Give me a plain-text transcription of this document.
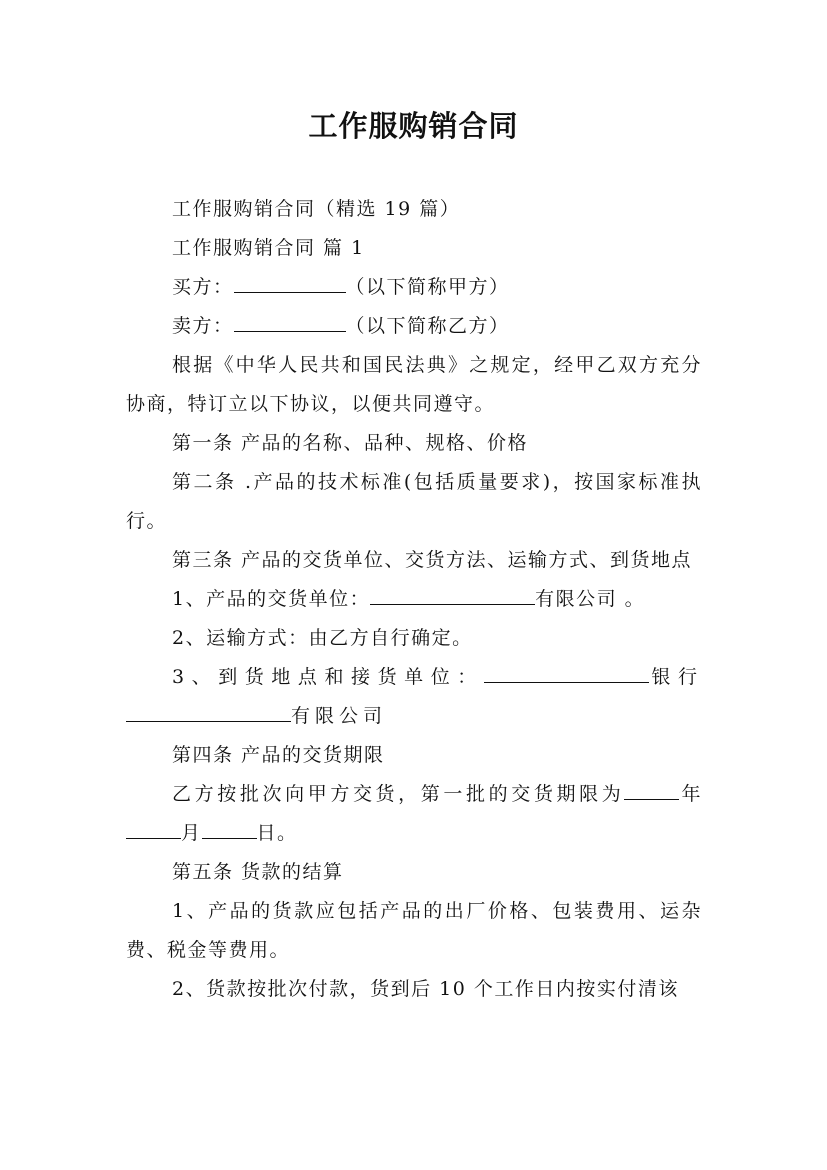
工作服购销合同

工作服购销合同（精选 19 篇）

工作服购销合同 篇 1

买方：	（以下简称甲方）

卖方：	（以下简称乙方）

根据《中华人民共和国民法典》之规定，经甲乙双方充分协商，特订立以下协议，以便共同遵守。

第一条 产品的名称、品种、规格、价格

第二条 .产品的技术标准(包括质量要求)，按国家标准执行。

第三条 产品的交货单位、交货方法、运输方式、到货地点

1、产品的交货单位：	有限公司 。

2、运输方式：由乙方自行确定。

3、到货地点和接货单位：	银行 有限公司

第四条 产品的交货期限

乙方按批次向甲方交货，第一批的交货期限为	年 月	日。

第五条 货款的结算

1、产品的货款应包括产品的出厂价格、包装费用、运杂费、税金等费用。

2、货款按批次付款，货到后 10 个工作日内按实付清该
